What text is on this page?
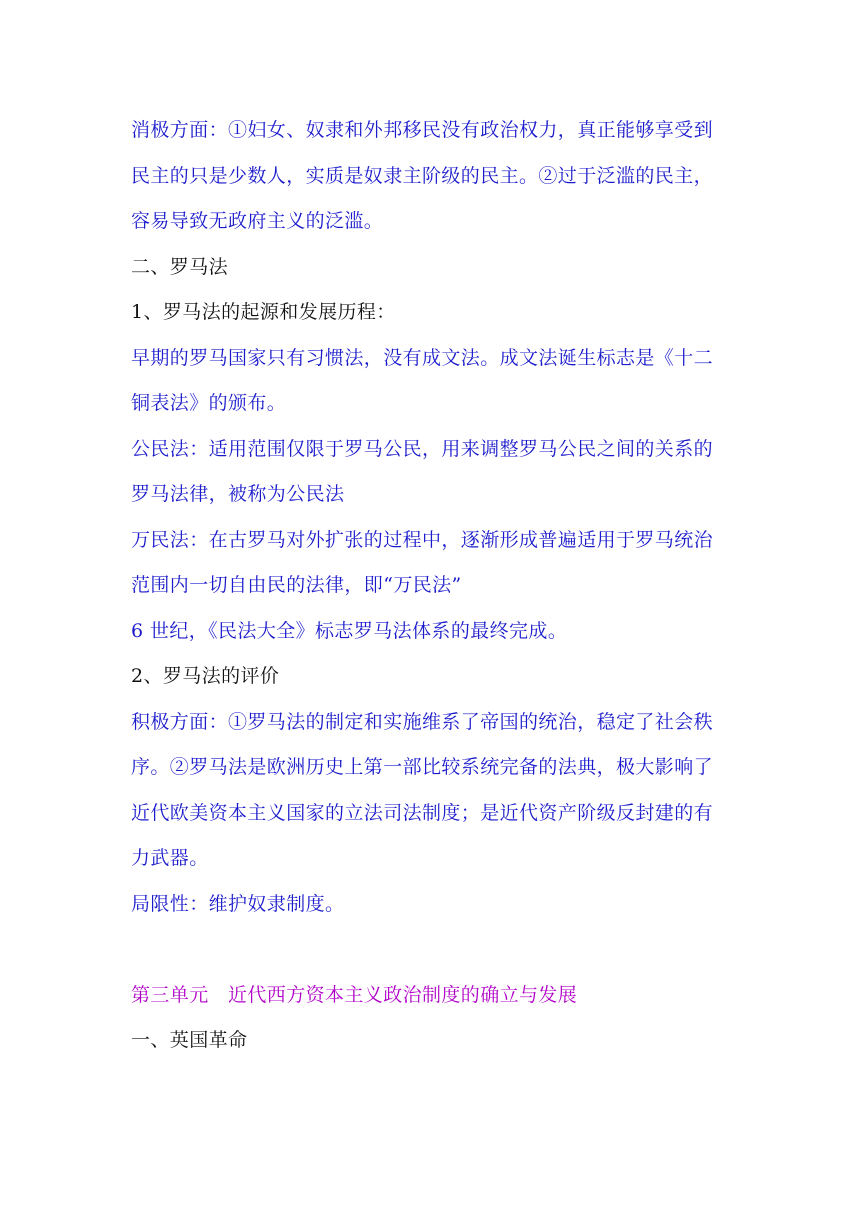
消极方面：①妇女、奴隶和外邦移民没有政治权力，真正能够享受到
民主的只是少数人，实质是奴隶主阶级的民主。②过于泛滥的民主，
容易导致无政府主义的泛滥。
二、罗马法
1、罗马法的起源和发展历程：
早期的罗马国家只有习惯法，没有成文法。成文法诞生标志是《十二
铜表法》的颁布。
公民法：适用范围仅限于罗马公民，用来调整罗马公民之间的关系的
罗马法律，被称为公民法
万民法：在古罗马对外扩张的过程中，逐渐形成普遍适用于罗马统治
范围内一切自由民的法律，即“万民法”
6 世纪，《民法大全》标志罗马法体系的最终完成。
2、罗马法的评价
积极方面：①罗马法的制定和实施维系了帝国的统治，稳定了社会秩
序。②罗马法是欧洲历史上第一部比较系统完备的法典，极大影响了
近代欧美资本主义国家的立法司法制度；是近代资产阶级反封建的有
力武器。
局限性：维护奴隶制度。
第三单元　近代西方资本主义政治制度的确立与发展
一、英国革命
